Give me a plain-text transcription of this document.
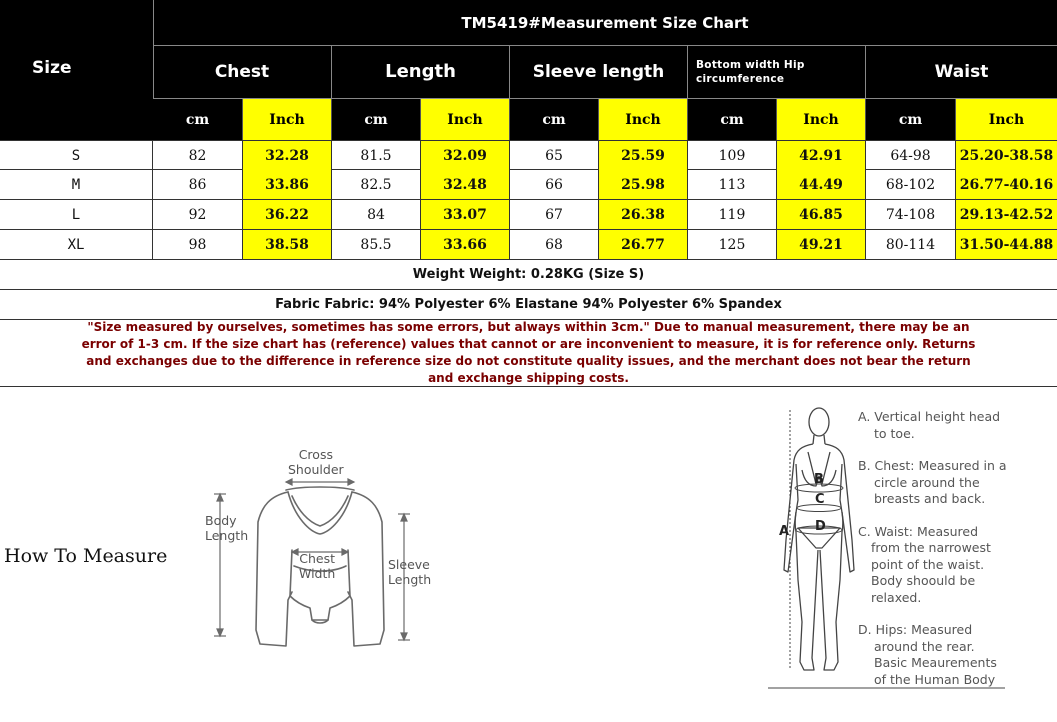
Size
TM5419#Measurement Size Chart
Chest	Length	Sleeve length	Bottom width Hip circumference	Waist
cm	Inch	cm	Inch	cm	Inch	cm	Inch	cm	Inch
S	82	32.28	81.5	32.09	65	25.59	109	42.91	64-98	25.20-38.58
M	86	33.86	82.5	32.48	66	25.98	113	44.49	68-102	26.77-40.16
L	92	36.22	84	33.07	67	26.38	119	46.85	74-108	29.13-42.52
XL	98	38.58	85.5	33.66	68	26.77	125	49.21	80-114	31.50-44.88
Weight Weight: 0.28KG (Size S)
Fabric Fabric: 94% Polyester 6% Elastane 94% Polyester 6% Spandex

"Size measured by ourselves, sometimes has some errors, but always within 3cm." Due to manual measurement, there may be an error of 1-3 cm. If the size chart has (reference) values that cannot or are inconvenient to measure, it is for reference only. Returns and exchanges due to the difference in reference size do not constitute quality issues, and the merchant does not bear the return and exchange shipping costs.

How To Measure
Cross
Shoulder
Body
Length
Chest
Width
Sleeve
Length
A
B
C
D
A. Vertical height head
to toe.
B. Chest: Measured in a
circle around the
breasts and back.
C. Waist: Measured
from the narrowest
point of the waist.
Body shoould be
relaxed.
D. Hips: Measured
around the rear.
Basic Meaurements
of the Human Body
